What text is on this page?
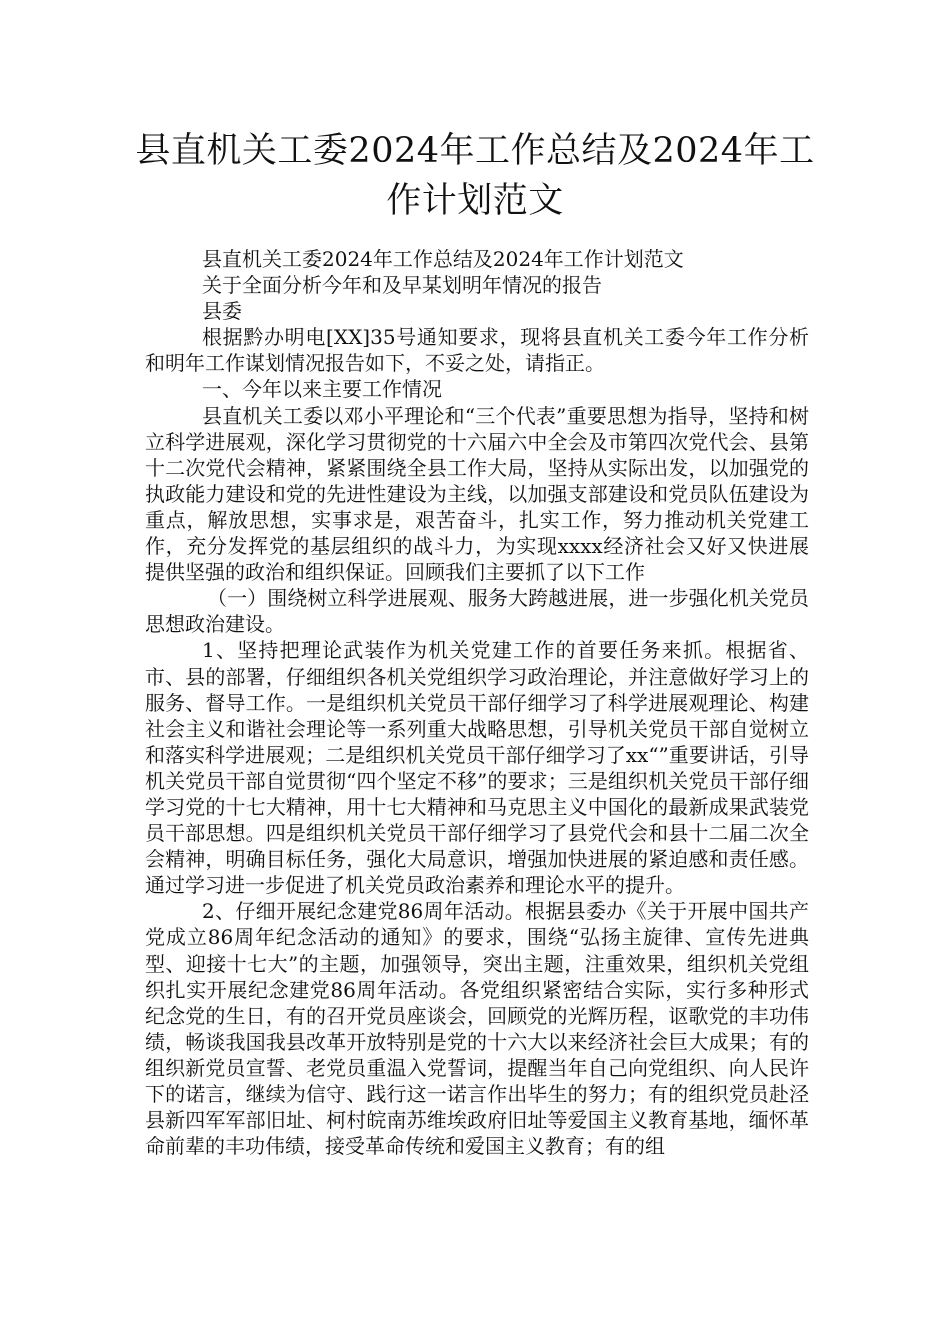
县直机关工委2024年工作总结及2024年工
作计划范文

县直机关工委2024年工作总结及2024年工作计划范文

关于全面分析今年和及早某划明年情况的报告

县委

根据黔办明电[XX]35号通知要求，现将县直机关工委今年工作分析和明年工作谋划情况报告如下，不妥之处，请指正。

一、今年以来主要工作情况

县直机关工委以邓小平理论和“三个代表”重要思想为指导，坚持和树立科学进展观，深化学习贯彻党的十六届六中全会及市第四次党代会、县第十二次党代会精神，紧紧围绕全县工作大局，坚持从实际出发，以加强党的执政能力建设和党的先进性建设为主线，以加强支部建设和党员队伍建设为重点，解放思想，实事求是，艰苦奋斗，扎实工作，努力推动机关党建工作，充分发挥党的基层组织的战斗力，为实现xxxx经济社会又好又快进展提供坚强的政治和组织保证。回顾我们主要抓了以下工作

（一）围绕树立科学进展观、服务大跨越进展，进一步强化机关党员思想政治建设。

1、坚持把理论武装作为机关党建工作的首要任务来抓。根据省、市、县的部署，仔细组织各机关党组织学习政治理论，并注意做好学习上的服务、督导工作。一是组织机关党员干部仔细学习了科学进展观理论、构建社会主义和谐社会理论等一系列重大战略思想，引导机关党员干部自觉树立和落实科学进展观；二是组织机关党员干部仔细学习了xx“”重要讲话，引导机关党员干部自觉贯彻“四个坚定不移”的要求；三是组织机关党员干部仔细学习党的十七大精神，用十七大精神和马克思主义中国化的最新成果武装党员干部思想。四是组织机关党员干部仔细学习了县党代会和县十二届二次全会精神，明确目标任务，强化大局意识，增强加快进展的紧迫感和责任感。通过学习进一步促进了机关党员政治素养和理论水平的提升。

2、仔细开展纪念建党86周年活动。根据县委办《关于开展中国共产党成立86周年纪念活动的通知》的要求，围绕“弘扬主旋律、宣传先进典型、迎接十七大”的主题，加强领导，突出主题，注重效果，组织机关党组织扎实开展纪念建党86周年活动。各党组织紧密结合实际，实行多种形式纪念党的生日，有的召开党员座谈会，回顾党的光辉历程，讴歌党的丰功伟绩，畅谈我国我县改革开放特别是党的十六大以来经济社会巨大成果；有的组织新党员宣誓、老党员重温入党誓词，提醒当年自己向党组织、向人民许下的诺言，继续为信守、践行这一诺言作出毕生的努力；有的组织党员赴泾县新四军军部旧址、柯村皖南苏维埃政府旧址等爱国主义教育基地，缅怀革命前辈的丰功伟绩，接受革命传统和爱国主义教育；有的组
